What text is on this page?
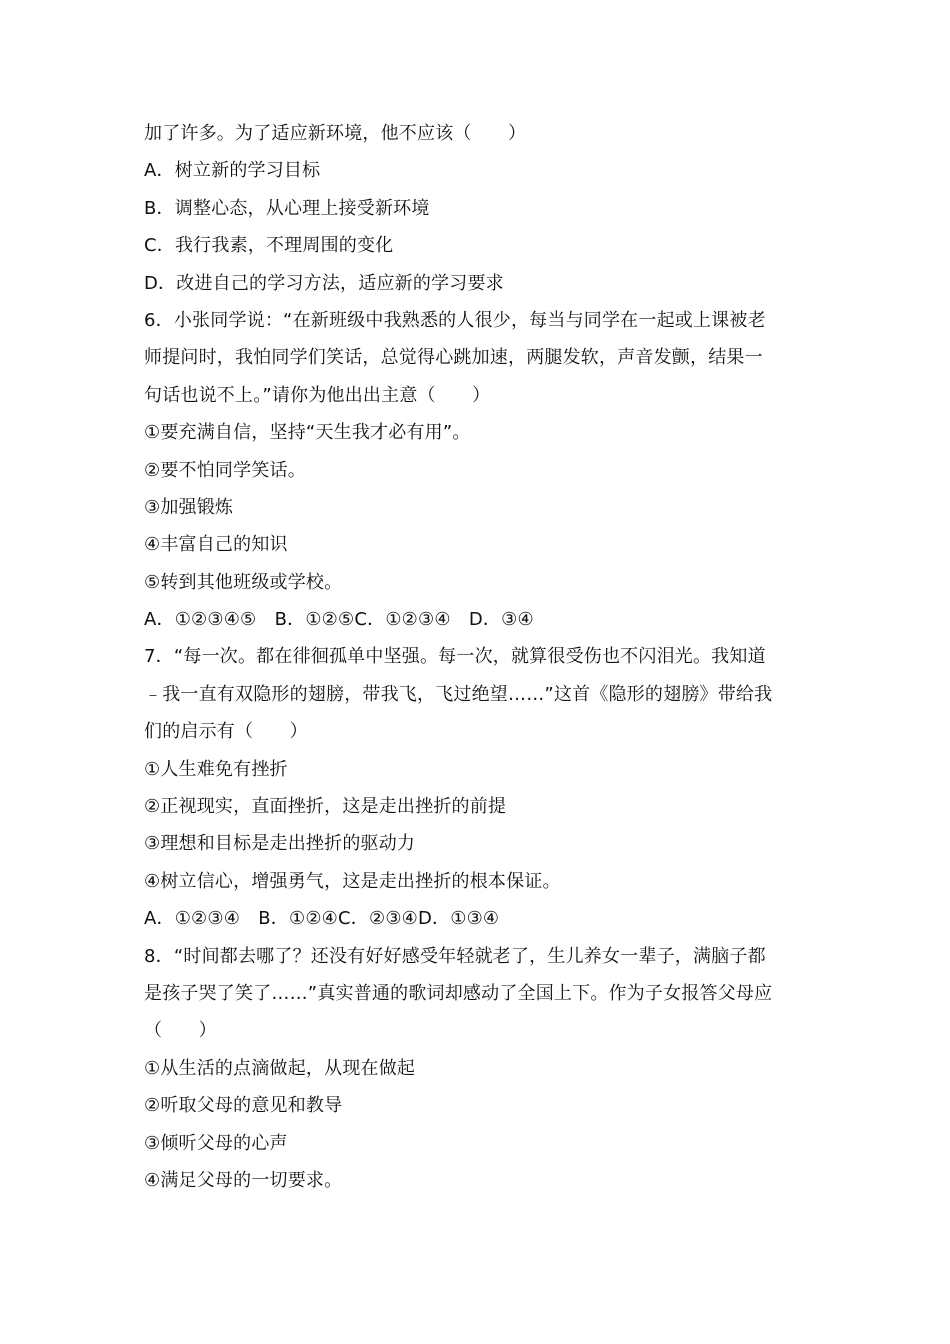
加了许多。为了适应新环境，他不应该（　　）
A．树立新的学习目标
B．调整心态，从心理上接受新环境
C．我行我素，不理周围的变化
D．改进自己的学习方法，适应新的学习要求
6．小张同学说：“在新班级中我熟悉的人很少，每当与同学在一起或上课被老
师提问时，我怕同学们笑话，总觉得心跳加速，两腿发软，声音发颤，结果一
句话也说不上。”请你为他出出主意（　　）
①要充满自信，坚持“天生我才必有用”。
②要不怕同学笑话。
③加强锻炼
④丰富自己的知识
⑤转到其他班级或学校。
A．①②③④⑤　B．①②⑤C．①②③④　D．③④
7．“每一次。都在徘徊孤单中坚强。每一次，就算很受伤也不闪泪光。我知道
﹣我一直有双隐形的翅膀，带我飞，飞过绝望……”这首《隐形的翅膀》带给我
们的启示有（　　）
①人生难免有挫折
②正视现实，直面挫折，这是走出挫折的前提
③理想和目标是走出挫折的驱动力
④树立信心，增强勇气，这是走出挫折的根本保证。
A．①②③④　B．①②④C．②③④D．①③④
8．“时间都去哪了？还没有好好感受年轻就老了，生儿养女一辈子，满脑子都
是孩子哭了笑了……”真实普通的歌词却感动了全国上下。作为子女报答父母应
（　　）
①从生活的点滴做起，从现在做起
②听取父母的意见和教导
③倾听父母的心声
④满足父母的一切要求。
